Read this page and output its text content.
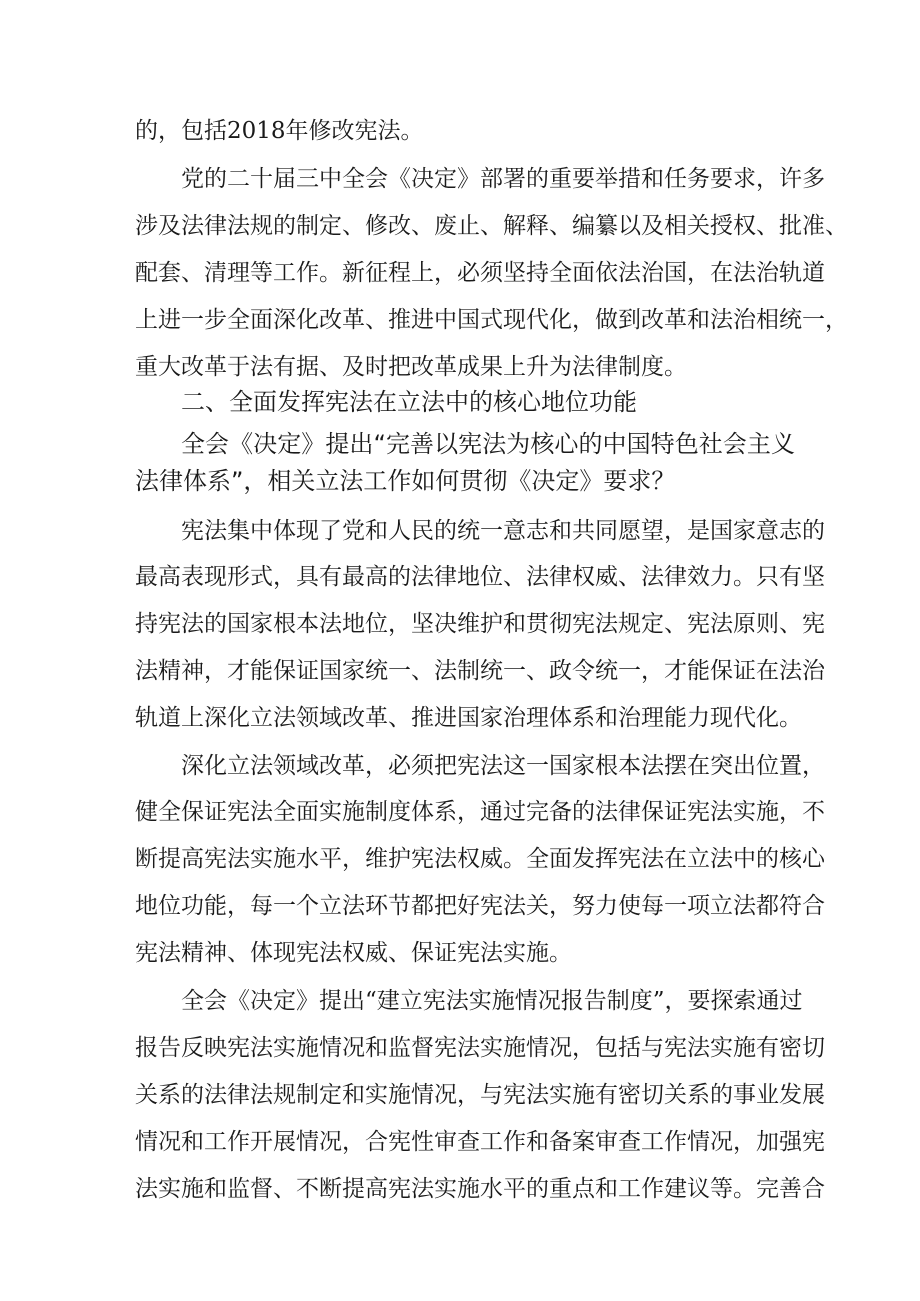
的，包括2018年修改宪法。
党的二十届三中全会《决定》部署的重要举措和任务要求，许多
涉及法律法规的制定、修改、废止、解释、编纂以及相关授权、批准、
配套、清理等工作。新征程上，必须坚持全面依法治国，在法治轨道
上进一步全面深化改革、推进中国式现代化，做到改革和法治相统一，
重大改革于法有据、及时把改革成果上升为法律制度。
二、全面发挥宪法在立法中的核心地位功能
全会《决定》提出“完善以宪法为核心的中国特色社会主义
法律体系”，相关立法工作如何贯彻《决定》要求？
宪法集中体现了党和人民的统一意志和共同愿望，是国家意志的
最高表现形式，具有最高的法律地位、法律权威、法律效力。只有坚
持宪法的国家根本法地位，坚决维护和贯彻宪法规定、宪法原则、宪
法精神，才能保证国家统一、法制统一、政令统一，才能保证在法治
轨道上深化立法领域改革、推进国家治理体系和治理能力现代化。
深化立法领域改革，必须把宪法这一国家根本法摆在突出位置，
健全保证宪法全面实施制度体系，通过完备的法律保证宪法实施，不
断提高宪法实施水平，维护宪法权威。全面发挥宪法在立法中的核心
地位功能，每一个立法环节都把好宪法关，努力使每一项立法都符合
宪法精神、体现宪法权威、保证宪法实施。
全会《决定》提出“建立宪法实施情况报告制度”，要探索通过
报告反映宪法实施情况和监督宪法实施情况，包括与宪法实施有密切
关系的法律法规制定和实施情况，与宪法实施有密切关系的事业发展
情况和工作开展情况，合宪性审查工作和备案审查工作情况，加强宪
法实施和监督、不断提高宪法实施水平的重点和工作建议等。完善合
